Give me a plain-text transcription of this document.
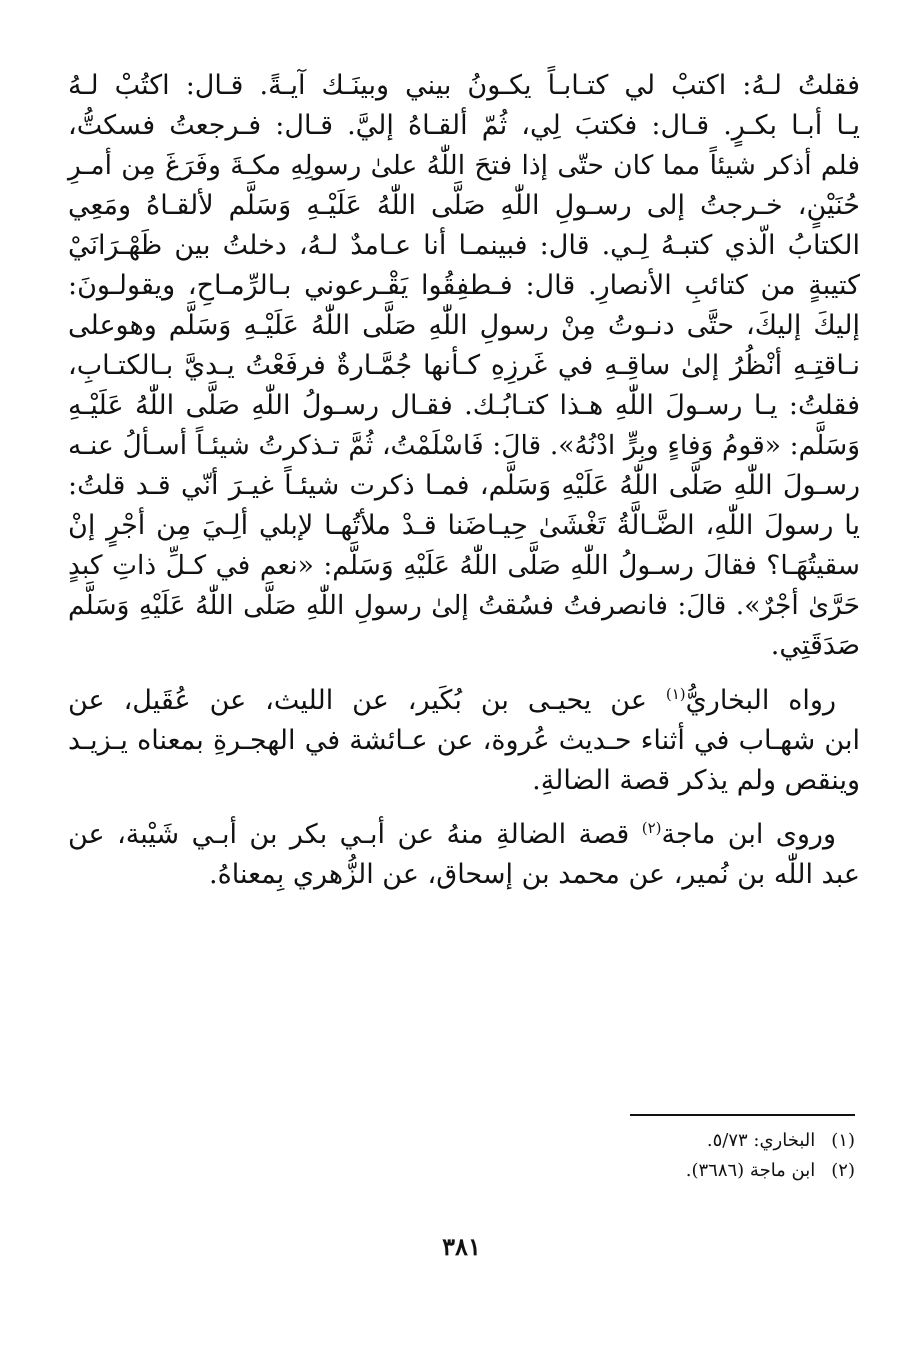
فقلتُ لـهُ: اكتبْ لي كتـابـاً يكـونُ بيني وبينَـك آيـةً. قـال: اكتُبْ لـهُ
يـا أبـا بكـرٍ. قـال: فكتبَ لِي، ثُمّ ألقـاهُ إليَّ. قـال: فـرجعتُ فسكتُّ،
فلم أذكر شيئاً مما كان حتّى إذا فتحَ اللّٰهُ علىٰ رسولِهِ مكـةَ وفَرَغَ مِن أمـرِ
حُنَيْنٍ، خـرجتُ إلى رسـولِ اللّٰهِ صَلَّى اللّٰهُ عَلَيْـهِ وَسَلَّم لألقـاهُ ومَعِي
الكتابُ الّذي كتبـهُ لِـي. قال: فبينمـا أنا عـامدٌ لـهُ، دخلتُ بين ظَهْـرَانَيْ
كتيبةٍ من كتائبِ الأنصارِ. قال: فـطفِقُوا يَقْـرعوني بـالرِّمـاحِ، ويقولـونَ:
إليكَ إليكَ، حتَّى دنـوتُ مِنْ رسولِ اللّٰهِ صَلَّى اللّٰهُ عَلَيْـهِ وَسَلَّم وهوعلى
نـاقتِـهِ أنْظُرُ إلىٰ ساقِـهِ في غَرزِهِ كـأنها جُمَّـارةٌ فرفَعْتُ يـديَّ بـالكتـابِ،
فقلتُ: يـا رسـولَ اللّٰهِ هـذا كتـابُـك. فقـال رسـولُ اللّٰهِ صَلَّى اللّٰهُ عَلَيْـهِ
وَسَلَّم: «قومُ وَفاءٍ وبِرٍّ ادْنُهُ». قالَ: فَاسْلَمْتُ، ثُمَّ تـذكرتُ شيئـاً أسـألُ عنـه
رسـولَ اللّٰهِ صَلَّى اللّٰهُ عَلَيْهِ وَسَلَّم، فمـا ذكرت شيئـاً غيـرَ أنّي قـد قلتُ:
يا رسولَ اللّٰهِ، الضَّـالَّةُ تَغْشَىٰ حِيـاضَنا قـدْ ملأتُهـا لإبلي ألِـيَ مِن أجْرٍ إنْ
سقيتُهَـا؟ فقالَ رسـولُ اللّٰهِ صَلَّى اللّٰهُ عَلَيْهِ وَسَلَّم: «نعم في كـلِّ ذاتِ كبدٍ
حَرَّىٰ أجْرٌ». قالَ: فانصرفتُ فسُقتُ إلىٰ رسولِ اللّٰهِ صَلَّى اللّٰهُ عَلَيْهِ وَسَلَّم
صَدَقَتِي.
رواه البخاريُّ$^{(١)}$ عن يحيـى بن بُكَير، عن الليث، عن عُقَيل، عن
ابن شهـاب في أثناء حـديث عُروة، عن عـائشة في الهجـرةِ بمعناه يـزيـد
وينقص ولم يذكر قصة الضالةِ.
وروى ابن ماجة$^{(٢)}$ قصة الضالةِ منهُ عن أبـي بكر بن أبـي شَيْبة، عن
عبد اللّٰه بن نُمير، عن محمد بن إسحاق، عن الزُّهري بِمعناهُ.
(١) البخاري: ٥/٧٣.
(٢) ابن ماجة (٣٦٨٦).
٣٨١
